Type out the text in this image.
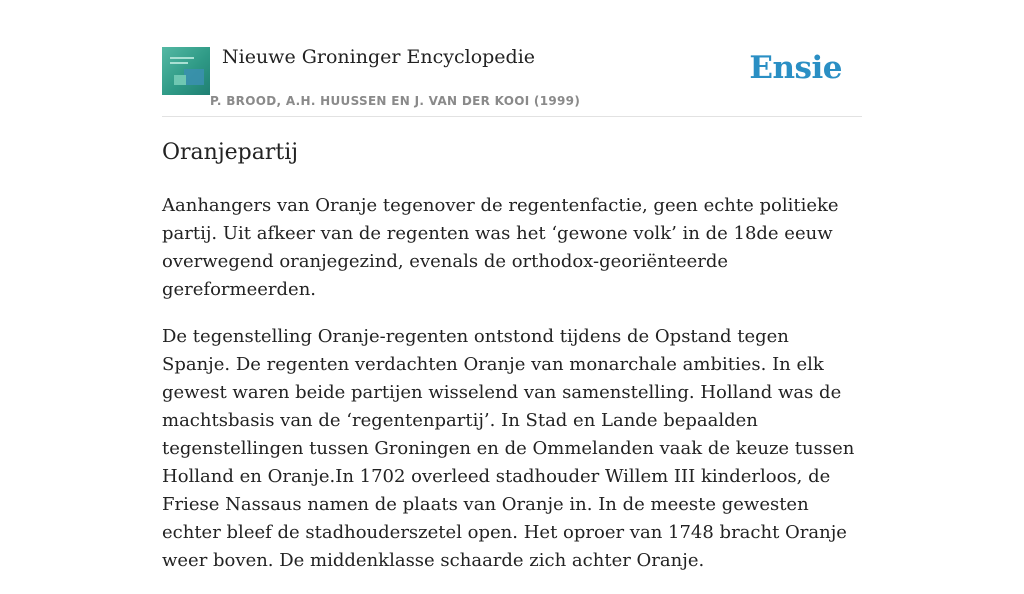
Nieuwe Groninger Encyclopedie
P. BROOD, A.H. HUUSSEN EN J. VAN DER KOOI (1999)
Ensie
Oranjepartij

Aanhangers van Oranje tegenover de regentenfactie, geen echte politieke partij. Uit afkeer van de regenten was het ‘gewone volk’ in de 18de eeuw overwegend oranjegezind, evenals de orthodox-georiënteerde gereformeerden.

De tegenstelling Oranje-regenten ontstond tijdens de Opstand tegen Spanje. De regenten verdachten Oranje van monarchale ambities. In elk gewest waren beide partijen wisselend van samenstelling. Holland was de machtsbasis van de ‘regentenpartij’. In Stad en Lande bepaalden tegenstellingen tussen Groningen en de Ommelanden vaak de keuze tussen Holland en Oranje.In 1702 overleed stadhouder Willem III kinderloos, de Friese Nassaus namen de plaats van Oranje in. In de meeste gewesten echter bleef de stadhouderszetel open. Het oproer van 1748 bracht Oranje weer boven. De middenklasse schaarde zich achter Oranje.
